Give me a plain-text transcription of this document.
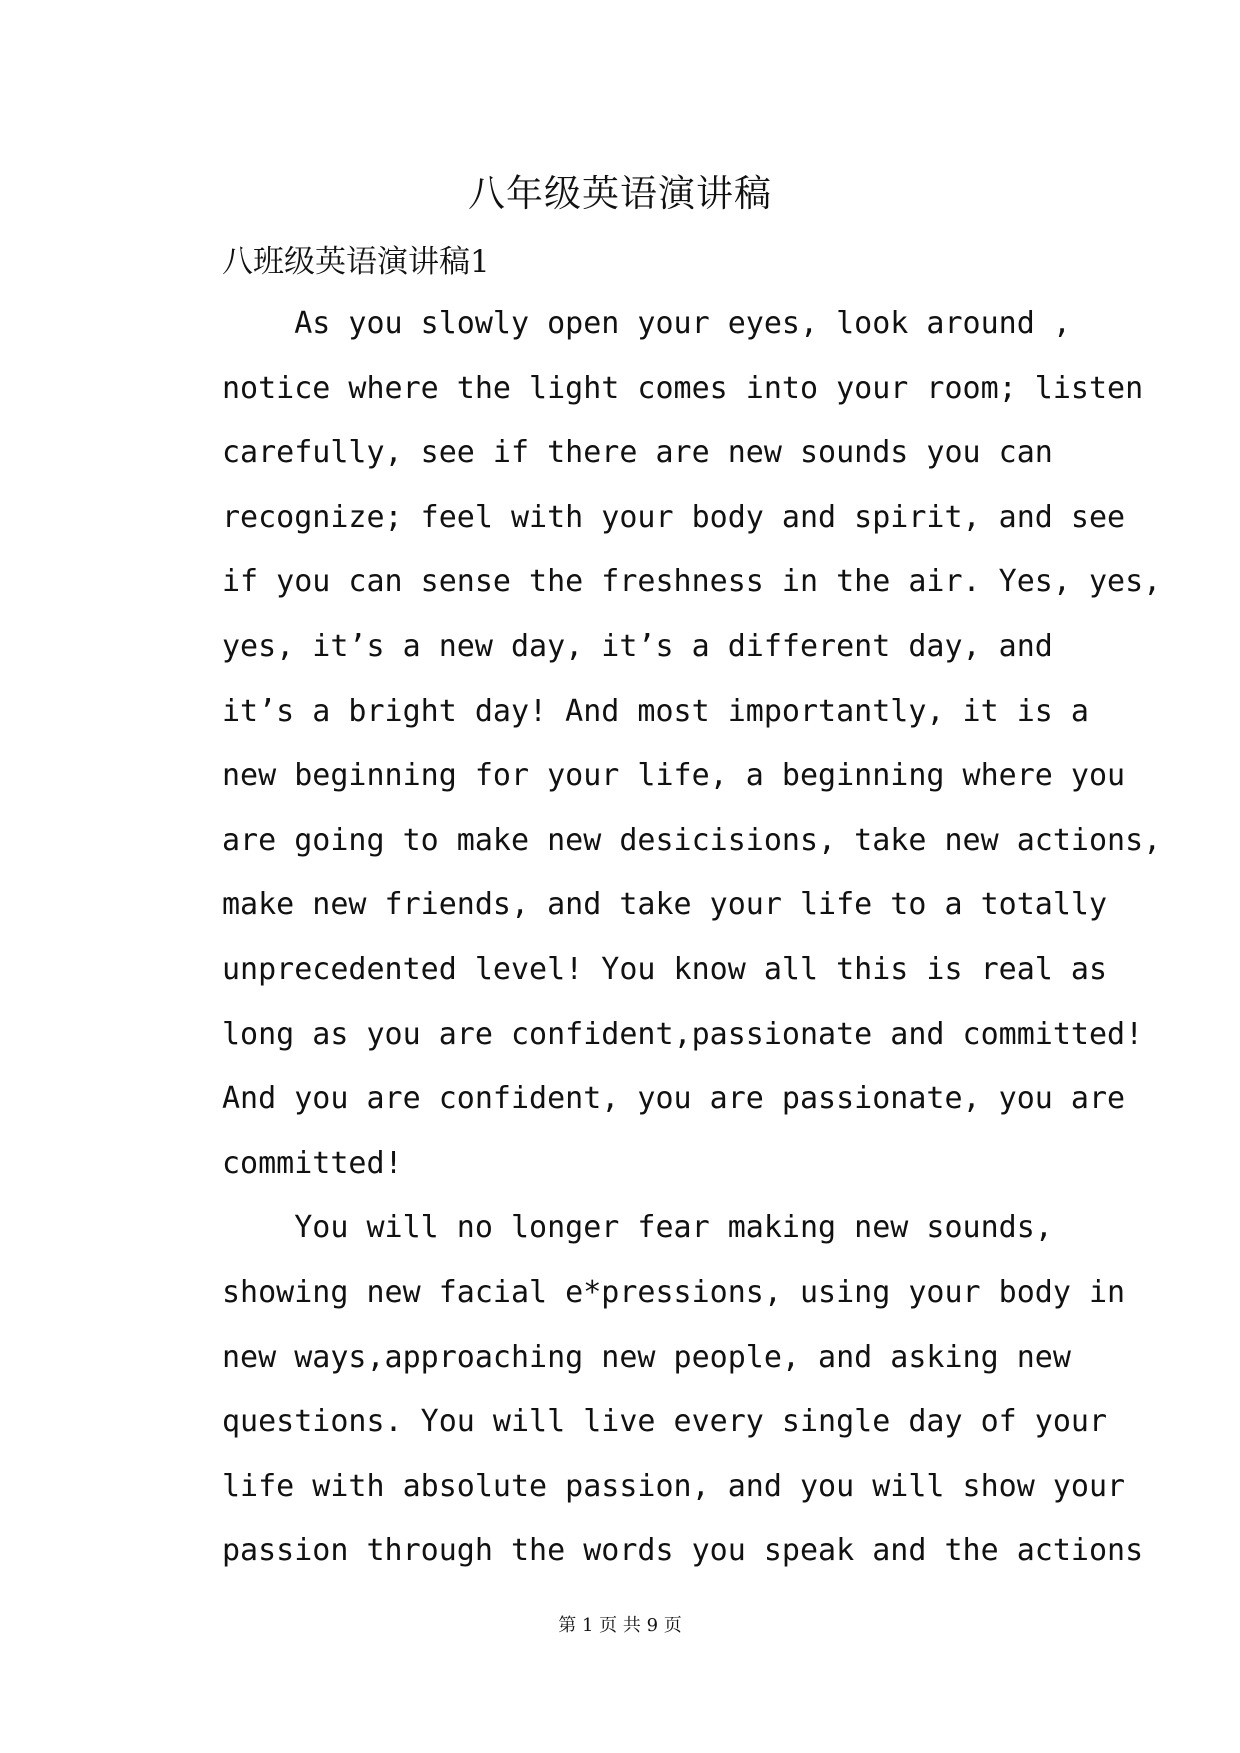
八年级英语演讲稿
八班级英语演讲稿1
As you slowly open your eyes, look around ,
notice where the light comes into your room; listen
carefully, see if there are new sounds you can
recognize; feel with your body and spirit, and see
if you can sense the freshness in the air. Yes, yes,
yes, it’s a new day, it’s a different day, and
it’s a bright day! And most importantly, it is a
new beginning for your life, a beginning where you
are going to make new desicisions, take new actions,
make new friends, and take your life to a totally
unprecedented level! You know all this is real as
long as you are confident,passionate and committed!
And you are confident, you are passionate, you are
committed!
You will no longer fear making new sounds,
showing new facial e*pressions, using your body in
new ways,approaching new people, and asking new
questions. You will live every single day of your
life with absolute passion, and you will show your
passion through the words you speak and the actions
第 1 页 共 9 页
